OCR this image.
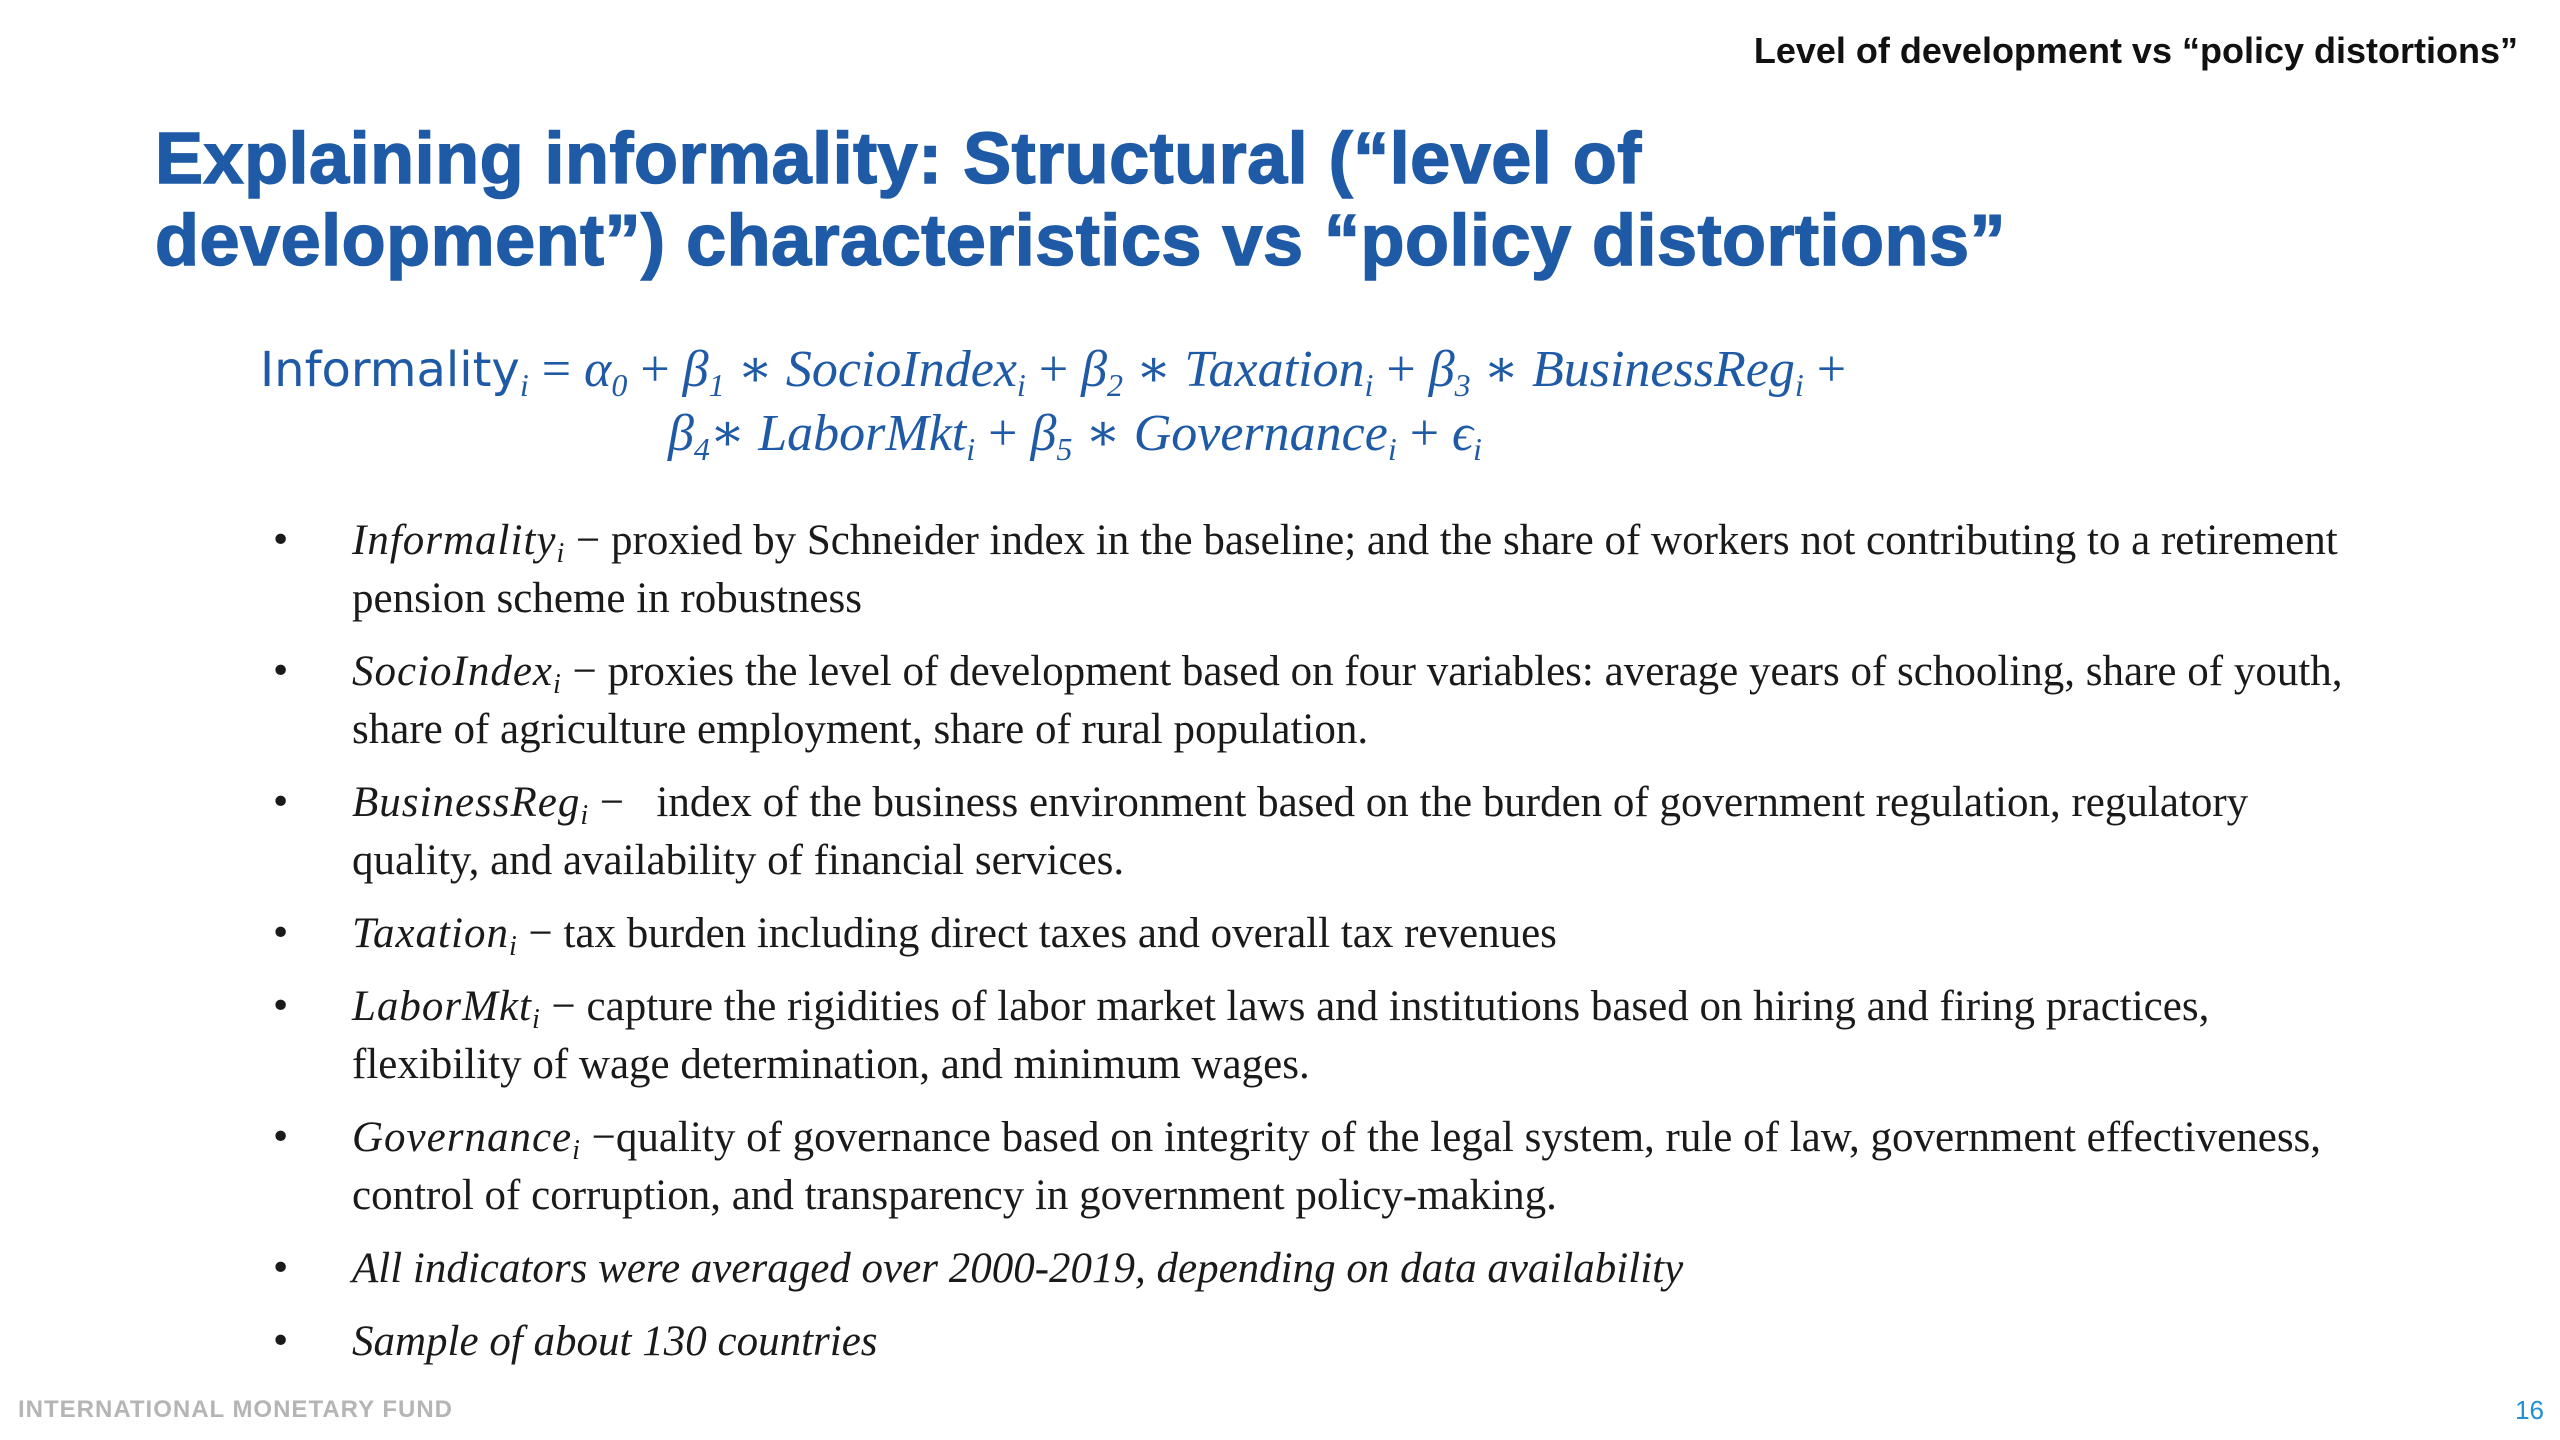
Level of development vs “policy distortions”
Explaining informality: Structural (“level of
development”) characteristics vs “policy distortions”
Informality$_i$ = $\alpha_0 + \beta_1$ ∗ SocioIndex$_i$ + $\beta_2$ ∗ Taxation$_i$ + $\beta_3$ ∗ BusinessReg$_i$ +
$\beta_4∗$ LaborMkt$_i$ + $\beta_5$ ∗ Governance$_i$ + $\epsilon_i$
• Informality$_i$ − proxied by Schneider index in the baseline; and the share of workers not contributing to a retirement pension scheme in robustness
• SocioIndex$_i$ − proxies the level of development based on four variables: average years of schooling, share of youth, share of agriculture employment, share of rural population.
• BusinessReg$_i$ −   index of the business environment based on the burden of government regulation, regulatory quality, and availability of financial services.
• Taxation$_i$ − tax burden including direct taxes and overall tax revenues
• LaborMkt$_i$ − capture the rigidities of labor market laws and institutions based on hiring and firing practices, flexibility of wage determination, and minimum wages.
• Governance$_i$ −quality of governance based on integrity of the legal system, rule of law, government effectiveness, control of corruption, and transparency in government policy-making.
• All indicators were averaged over 2000-2019, depending on data availability
• Sample of about 130 countries
INTERNATIONAL MONETARY FUND	16
